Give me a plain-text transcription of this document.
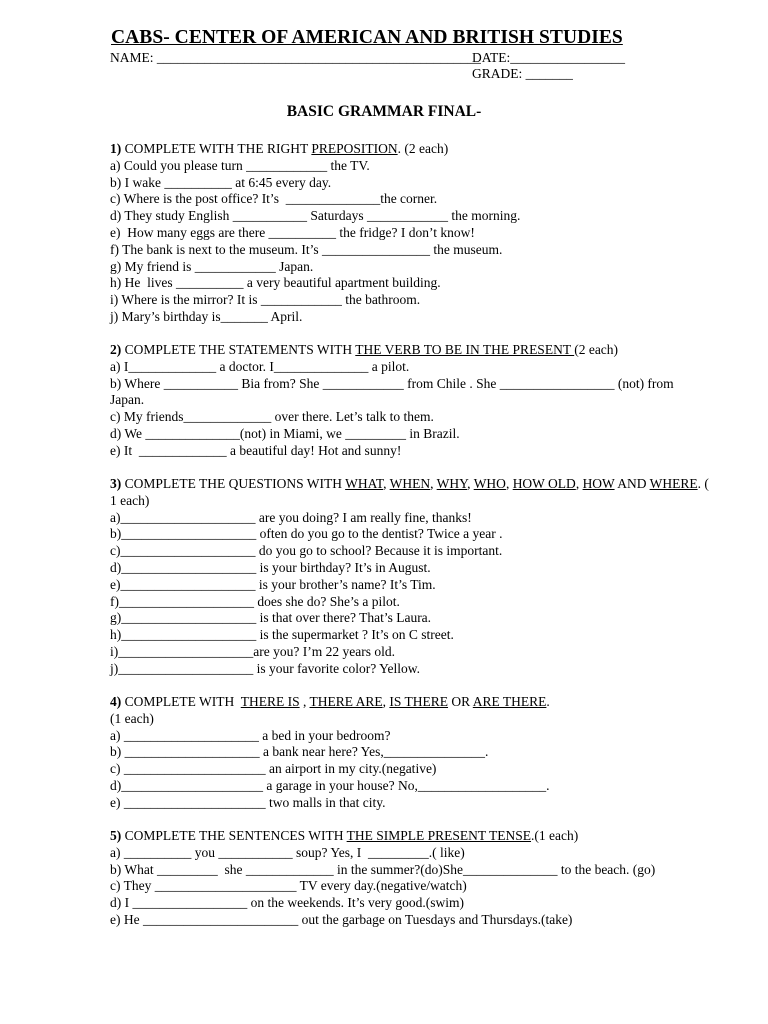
CABS- CENTER OF AMERICAN AND BRITISH STUDIES
NAME: ________________________________________________
DATE:_________________
GRADE: _______
BASIC GRAMMAR FINAL-
1) COMPLETE WITH THE RIGHT PREPOSITION. (2 each)
a) Could you please turn ____________ the TV.
b) I wake __________ at 6:45 every day.
c) Where is the post office? It’s  ______________the corner.
d) They study English ___________ Saturdays ____________ the morning.
e)  How many eggs are there __________ the fridge? I don’t know!
f) The bank is next to the museum. It’s ________________ the museum.
g) My friend is ____________ Japan.
h) He  lives __________ a very beautiful apartment building.
i) Where is the mirror? It is ____________ the bathroom.
j) Mary’s birthday is_______ April.
2) COMPLETE THE STATEMENTS WITH THE VERB TO BE IN THE PRESENT (2 each)
a) I_____________ a doctor. I______________ a pilot.
b) Where ___________ Bia from? She ____________ from Chile . She _________________ (not) from Japan.
c) My friends_____________ over there. Let’s talk to them.
d) We ______________(not) in Miami, we _________ in Brazil.
e) It  _____________ a beautiful day! Hot and sunny!
3) COMPLETE THE QUESTIONS WITH WHAT, WHEN, WHY, WHO, HOW OLD, HOW AND WHERE. ( 1 each)
a)____________________ are you doing? I am really fine, thanks!
b)____________________ often do you go to the dentist? Twice a year .
c)____________________ do you go to school? Because it is important.
d)____________________ is your birthday? It’s in August.
e)____________________ is your brother’s name? It’s Tim.
f)____________________ does she do? She’s a pilot.
g)____________________ is that over there? That’s Laura.
h)____________________ is the supermarket ? It’s on C street.
i)____________________are you? I’m 22 years old.
j)____________________ is your favorite color? Yellow.
4) COMPLETE WITH  THERE IS , THERE ARE, IS THERE OR ARE THERE.
(1 each)
a) ____________________ a bed in your bedroom?
b) ____________________ a bank near here? Yes,_______________.
c) _____________________ an airport in my city.(negative)
d)_____________________ a garage in your house? No,___________________.
e) _____________________ two malls in that city.
5) COMPLETE THE SENTENCES WITH THE SIMPLE PRESENT TENSE.(1 each)
a) __________ you ___________ soup? Yes, I  _________.( like)
b) What _________  she _____________ in the summer?(do)She______________ to the beach. (go)
c) They _____________________ TV every day.(negative/watch)
d) I _________________ on the weekends. It’s very good.(swim)
e) He _______________________ out the garbage on Tuesdays and Thursdays.(take)
